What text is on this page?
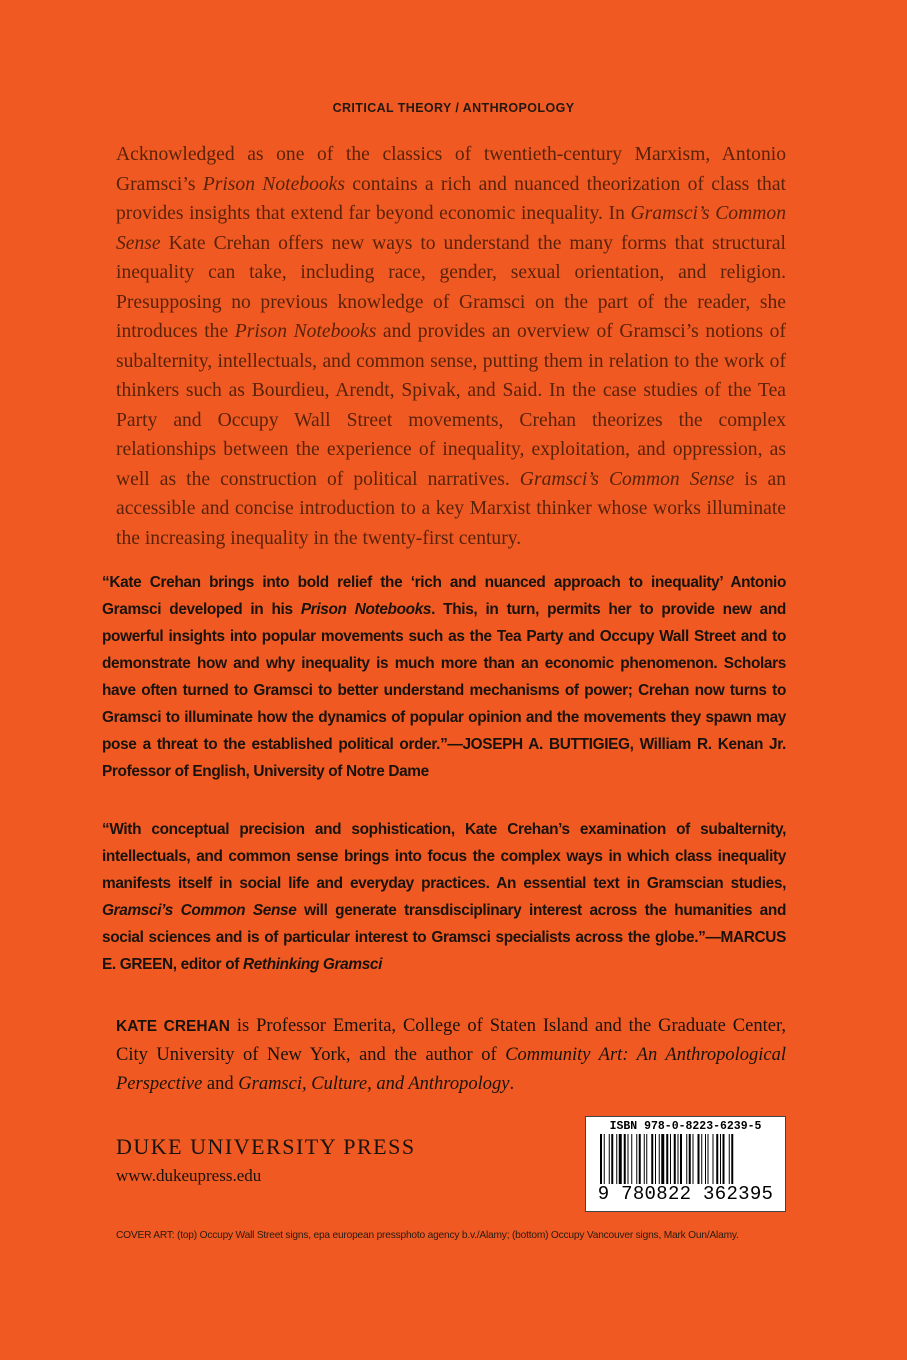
CRITICAL THEORY / ANTHROPOLOGY

Acknowledged as one of the classics of twentieth-century Marxism, Antonio Gramsci’s Prison Notebooks contains a rich and nuanced theorization of class that provides insights that extend far beyond economic inequality. In Gramsci’s Common Sense Kate Crehan offers new ways to understand the many forms that structural inequality can take, including race, gender, sexual orientation, and religion. Presupposing no previous knowledge of Gramsci on the part of the reader, she introduces the Prison Notebooks and provides an overview of Gramsci’s notions of subalternity, intellectuals, and common sense, putting them in relation to the work of thinkers such as Bourdieu, Arendt, Spivak, and Said. In the case studies of the Tea Party and Occupy Wall Street movements, Crehan theorizes the complex relationships between the experience of inequality, exploitation, and oppression, as well as the construction of political narratives. Gramsci’s Common Sense is an accessible and concise introduction to a key Marxist thinker whose works illuminate the increasing inequality in the twenty-first century.

“Kate Crehan brings into bold relief the ‘rich and nuanced approach to inequality’ Antonio Gramsci developed in his Prison Notebooks. This, in turn, permits her to provide new and powerful insights into popular movements such as the Tea Party and Occupy Wall Street and to demonstrate how and why inequality is much more than an economic phenomenon. Scholars have often turned to Gramsci to better understand mechanisms of power; Crehan now turns to Gramsci to illuminate how the dynamics of popular opinion and the movements they spawn may pose a threat to the established political order.”—JOSEPH A. BUTTIGIEG, William R. Kenan Jr. Professor of English, University of Notre Dame

“With conceptual precision and sophistication, Kate Crehan’s examination of subalternity, intellectuals, and common sense brings into focus the complex ways in which class inequality manifests itself in social life and everyday practices. An essential text in Gramscian studies, Gramsci’s Common Sense will generate transdisciplinary interest across the humanities and social sciences and is of particular interest to Gramsci specialists across the globe.”—MARCUS E. GREEN, editor of Rethinking Gramsci

KATE CREHAN is Professor Emerita, College of Staten Island and the Graduate Center, City University of New York, and the author of Community Art: An Anthropological Perspective and Gramsci, Culture, and Anthropology.

DUKE UNIVERSITY PRESS
www.dukeupress.edu
ISBN 978-0-8223-6239-5
9 780822 362395
COVER ART: (top) Occupy Wall Street signs, epa european pressphoto agency b.v./Alamy; (bottom) Occupy Vancouver signs, Mark Oun/Alamy.
